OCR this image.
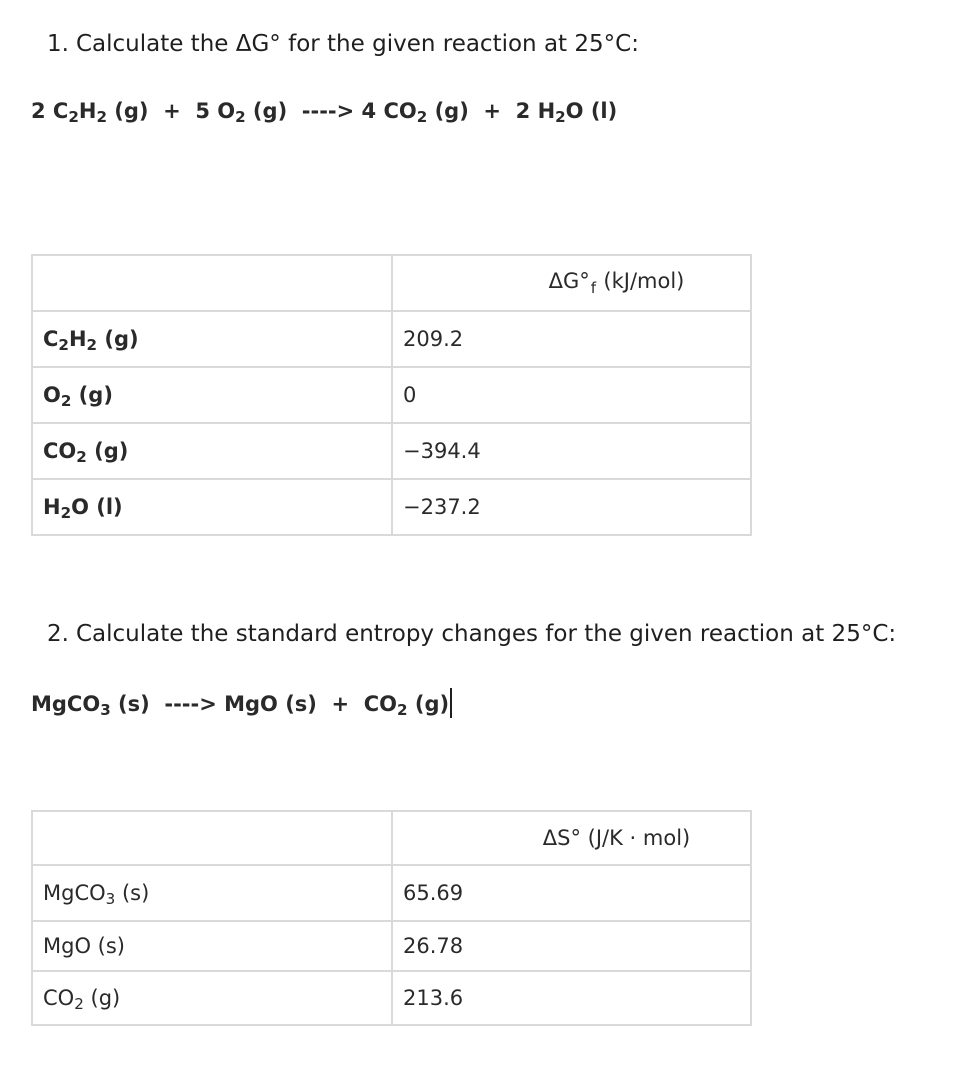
1. Calculate the ΔG° for the given reaction at 25°C:

2 $C_2H_2$ (g)  +  5 $O_2$ (g)  ----> 4 $CO_2$ (g)  +  2 $H_2O$ (l)

	$\Delta G^\circ_f$ (kJ/mol)
$C_2H_2$ (g)	209.2
$O_2$ (g)	0
$CO_2$ (g)	−394.4
$H_2O$ (l)	−237.2

2. Calculate the standard entropy changes for the given reaction at 25°C:

MgCO$_3$ (s)  ----> MgO $(s) + CO_2$ (g)

	ΔS° (J/K · mol)
MgCO$_3$ (s)	65.69
MgO (s)	26.78
$CO_2$ (g)	213.6
